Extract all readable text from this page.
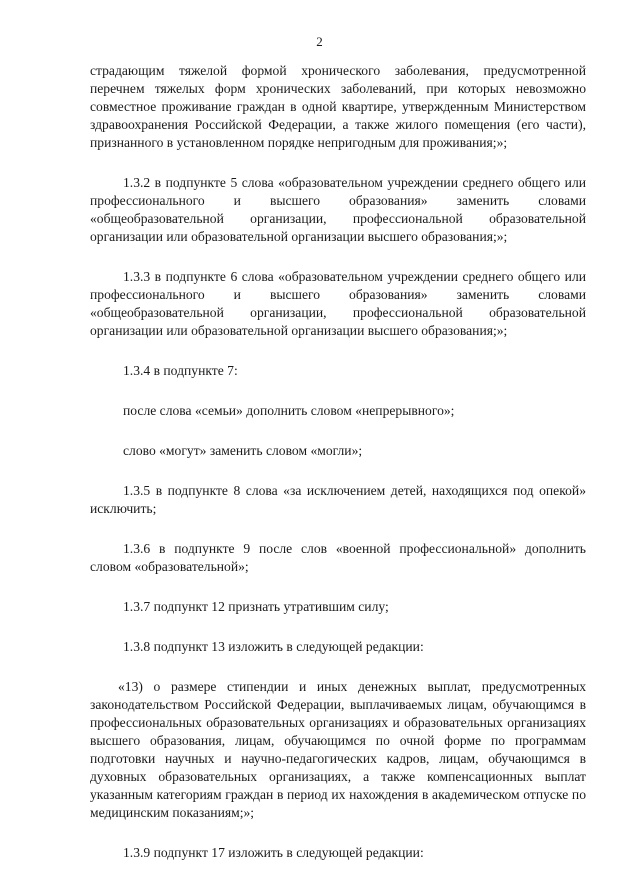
2

страдающим тяжелой формой хронического заболевания, предусмотренной перечнем тяжелых форм хронических заболеваний, при которых невозможно совместное проживание граждан в одной квартире, утвержденным Министерством здравоохранения Российской Федерации, а также жилого помещения (его части), признанного в установленном порядке непригодным для проживания;»;

1.3.2 в подпункте 5 слова «образовательном учреждении среднего общего или профессионального и высшего образования» заменить словами «общеобразовательной организации, профессиональной образовательной организации или образовательной организации высшего образования;»;

1.3.3 в подпункте 6 слова «образовательном учреждении среднего общего или профессионального и высшего образования» заменить словами «общеобразовательной организации, профессиональной образовательной организации или образовательной организации высшего образования;»;

1.3.4 в подпункте 7:

после слова «семьи» дополнить словом «непрерывного»;

слово «могут» заменить словом «могли»;

1.3.5 в подпункте 8 слова «за исключением детей, находящихся под опекой» исключить;

1.3.6 в подпункте 9 после слов «военной профессиональной» дополнить словом «образовательной»;

1.3.7 подпункт 12 признать утратившим силу;

1.3.8 подпункт 13 изложить в следующей редакции:

«13) о размере стипендии и иных денежных выплат, предусмотренных законодательством Российской Федерации, выплачиваемых лицам, обучающимся в профессиональных образовательных организациях и образовательных организациях высшего образования, лицам, обучающимся по очной форме по программам подготовки научных и научно-педагогических кадров, лицам, обучающимся в духовных образовательных организациях, а также компенсационных выплат указанным категориям граждан в период их нахождения в академическом отпуске по медицинским показаниям;»;

1.3.9 подпункт 17 изложить в следующей редакции:
